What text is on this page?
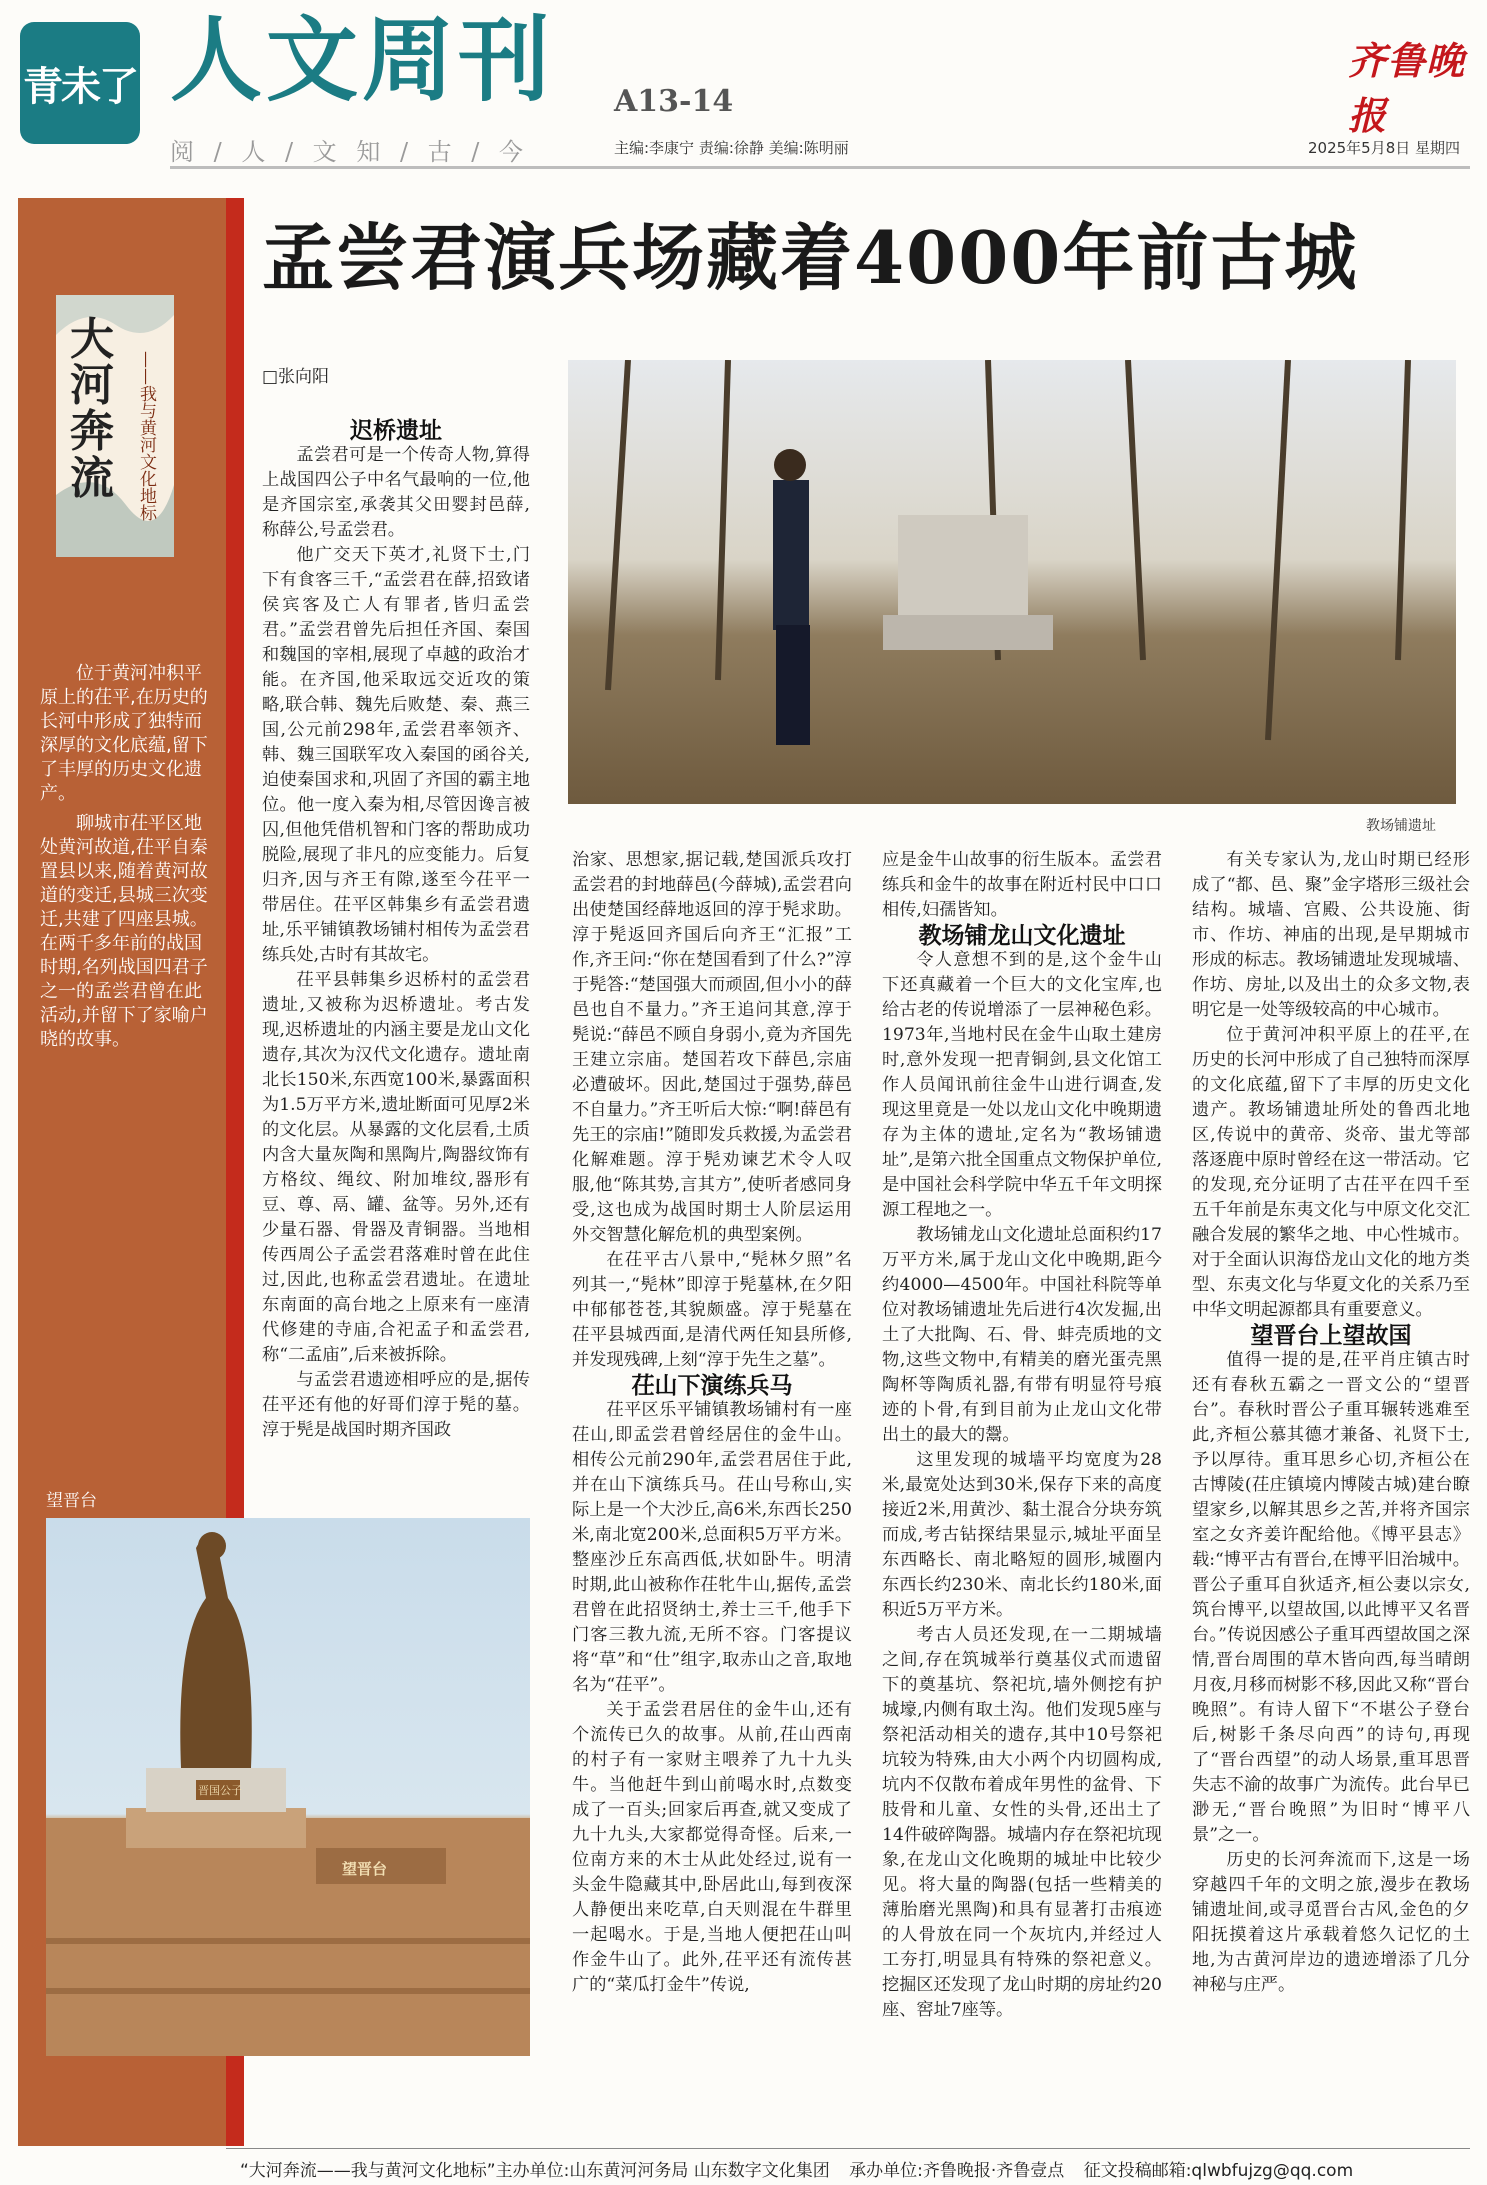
青未了 人文周刊 A13-14
齐鲁晚报
阅 / 人 / 文 知 / 古 / 今	主编:李康宁 责编:徐静 美编:陈明丽	2025年5月8日 星期四
大河奔流 ——我与黄河文化地标

位于黄河冲积平原上的茌平,在历史的长河中形成了独特而深厚的文化底蕴,留下了丰厚的历史文化遗产。

聊城市茌平区地处黄河故道,茌平自秦置县以来,随着黄河故道的变迁,县城三次变迁,共建了四座县城。在两千多年前的战国时期,名列战国四君子之一的孟尝君曾在此活动,并留下了家喻户晓的故事。

望晋台
晋国公子
望晋台
孟尝君演兵场藏着4000年前古城
□张向阳
教场铺遗址

迟桥遗址

孟尝君可是一个传奇人物,算得上战国四公子中名气最响的一位,他是齐国宗室,承袭其父田婴封邑薛,称薛公,号孟尝君。

他广交天下英才,礼贤下士,门下有食客三千,“孟尝君在薛,招致诸侯宾客及亡人有罪者,皆归孟尝君。”孟尝君曾先后担任齐国、秦国和魏国的宰相,展现了卓越的政治才能。在齐国,他采取远交近攻的策略,联合韩、魏先后败楚、秦、燕三国,公元前298年,孟尝君率领齐、韩、魏三国联军攻入秦国的函谷关,迫使秦国求和,巩固了齐国的霸主地位。他一度入秦为相,尽管因谗言被囚,但他凭借机智和门客的帮助成功脱险,展现了非凡的应变能力。后复归齐,因与齐王有隙,遂至今茌平一带居住。茌平区韩集乡有孟尝君遗址,乐平铺镇教场铺村相传为孟尝君练兵处,古时有其故宅。

茌平县韩集乡迟桥村的孟尝君遗址,又被称为迟桥遗址。考古发现,迟桥遗址的内涵主要是龙山文化遗存,其次为汉代文化遗存。遗址南北长150米,东西宽100米,暴露面积为1.5万平方米,遗址断面可见厚2米的文化层。从暴露的文化层看,土质内含大量灰陶和黑陶片,陶器纹饰有方格纹、绳纹、附加堆纹,器形有豆、尊、鬲、罐、盆等。另外,还有少量石器、骨器及青铜器。当地相传西周公子孟尝君落难时曾在此住过,因此,也称孟尝君遗址。在遗址东南面的高台地之上原来有一座清代修建的寺庙,合祀孟子和孟尝君,称“二孟庙”,后来被拆除。

与孟尝君遗迹相呼应的是,据传茌平还有他的好哥们淳于髡的墓。淳于髡是战国时期齐国政

治家、思想家,据记载,楚国派兵攻打孟尝君的封地薛邑(今薛城),孟尝君向出使楚国经薛地返回的淳于髡求助。淳于髡返回齐国后向齐王“汇报”工作,齐王问:“你在楚国看到了什么?”淳于髡答:“楚国强大而顽固,但小小的薛邑也自不量力。”齐王追问其意,淳于髡说:“薛邑不顾自身弱小,竟为齐国先王建立宗庙。楚国若攻下薛邑,宗庙必遭破坏。因此,楚国过于强势,薛邑不自量力。”齐王听后大惊:“啊!薛邑有先王的宗庙!”随即发兵救援,为孟尝君化解难题。淳于髡劝谏艺术令人叹服,他“陈其势,言其方”,使听者感同身受,这也成为战国时期士人阶层运用外交智慧化解危机的典型案例。

在茌平古八景中,“髡林夕照”名列其一,“髡林”即淳于髡墓林,在夕阳中郁郁苍苍,其貌颇盛。淳于髡墓在茌平县城西面,是清代两任知县所修,并发现残碑,上刻“淳于先生之墓”。

茌山下演练兵马

茌平区乐平铺镇教场铺村有一座茌山,即孟尝君曾经居住的金牛山。相传公元前290年,孟尝君居住于此,并在山下演练兵马。茌山号称山,实际上是一个大沙丘,高6米,东西长250米,南北宽200米,总面积5万平方米。整座沙丘东高西低,状如卧牛。明清时期,此山被称作茌牝牛山,据传,孟尝君曾在此招贤纳士,养士三千,他手下门客三教九流,无所不容。门客提议将“草”和“仕”组字,取赤山之音,取地名为“茌平”。

关于孟尝君居住的金牛山,还有个流传已久的故事。从前,茌山西南的村子有一家财主喂养了九十九头牛。当他赶牛到山前喝水时,点数变成了一百头;回家后再查,就又变成了九十九头,大家都觉得奇怪。后来,一位南方来的木士从此处经过,说有一头金牛隐藏其中,卧居此山,每到夜深人静便出来吃草,白天则混在牛群里一起喝水。于是,当地人便把茌山叫作金牛山了。此外,茌平还有流传甚广的“菜瓜打金牛”传说,

应是金牛山故事的衍生版本。孟尝君练兵和金牛的故事在附近村民中口口相传,妇孺皆知。

教场铺龙山文化遗址

令人意想不到的是,这个金牛山下还真藏着一个巨大的文化宝库,也给古老的传说增添了一层神秘色彩。1973年,当地村民在金牛山取土建房时,意外发现一把青铜剑,县文化馆工作人员闻讯前往金牛山进行调查,发现这里竟是一处以龙山文化中晚期遗存为主体的遗址,定名为“教场铺遗址”,是第六批全国重点文物保护单位,是中国社会科学院中华五千年文明探源工程地之一。

教场铺龙山文化遗址总面积约17万平方米,属于龙山文化中晚期,距今约4000—4500年。中国社科院等单位对教场铺遗址先后进行4次发掘,出土了大批陶、石、骨、蚌壳质地的文物,这些文物中,有精美的磨光蛋壳黑陶杯等陶质礼器,有带有明显符号痕迹的卜骨,有到目前为止龙山文化带出土的最大的鬶。

这里发现的城墙平均宽度为28米,最宽处达到30米,保存下来的高度接近2米,用黄沙、黏土混合分块夯筑而成,考古钻探结果显示,城址平面呈东西略长、南北略短的圆形,城圈内东西长约230米、南北长约180米,面积近5万平方米。

考古人员还发现,在一二期城墙之间,存在筑城举行奠基仪式而遗留下的奠基坑、祭祀坑,墙外侧挖有护城壕,内侧有取土沟。他们发现5座与祭祀活动相关的遗存,其中10号祭祀坑较为特殊,由大小两个内切圆构成,坑内不仅散布着成年男性的盆骨、下肢骨和儿童、女性的头骨,还出土了14件破碎陶器。城墙内存在祭祀坑现象,在龙山文化晚期的城址中比较少见。将大量的陶器(包括一些精美的薄胎磨光黑陶)和具有显著打击痕迹的人骨放在同一个灰坑内,并经过人工夯打,明显具有特殊的祭祀意义。挖掘区还发现了龙山时期的房址约20座、窖址7座等。

有关专家认为,龙山时期已经形成了“都、邑、聚”金字塔形三级社会结构。城墙、宫殿、公共设施、街市、作坊、神庙的出现,是早期城市形成的标志。教场铺遗址发现城墙、作坊、房址,以及出土的众多文物,表明它是一处等级较高的中心城市。

位于黄河冲积平原上的茌平,在历史的长河中形成了自己独特而深厚的文化底蕴,留下了丰厚的历史文化遗产。教场铺遗址所处的鲁西北地区,传说中的黄帝、炎帝、蚩尤等部落逐鹿中原时曾经在这一带活动。它的发现,充分证明了古茌平在四千至五千年前是东夷文化与中原文化交汇融合发展的繁华之地、中心性城市。对于全面认识海岱龙山文化的地方类型、东夷文化与华夏文化的关系乃至中华文明起源都具有重要意义。

望晋台上望故国

值得一提的是,茌平肖庄镇古时还有春秋五霸之一晋文公的“望晋台”。春秋时晋公子重耳辗转逃难至此,齐桓公慕其德才兼备、礼贤下士,予以厚待。重耳思乡心切,齐桓公在古博陵(茌庄镇境内博陵古城)建台瞭望家乡,以解其思乡之苦,并将齐国宗室之女齐姜许配给他。《博平县志》载:“博平古有晋台,在博平旧治城中。晋公子重耳自狄适齐,桓公妻以宗女,筑台博平,以望故国,以此博平又名晋台。”传说因感公子重耳西望故国之深情,晋台周围的草木皆向西,每当晴朗月夜,月移而树影不移,因此又称“晋台晚照”。有诗人留下“不堪公子登台后,树影千条尽向西”的诗句,再现了“晋台西望”的动人场景,重耳思晋失志不渝的故事广为流传。此台早已渺无,“晋台晚照”为旧时“博平八景”之一。

历史的长河奔流而下,这是一场穿越四千年的文明之旅,漫步在教场铺遗址间,或寻觅晋台古风,金色的夕阳抚摸着这片承载着悠久记忆的土地,为古黄河岸边的遗迹增添了几分神秘与庄严。

“大河奔流——我与黄河文化地标”主办单位:山东黄河河务局 山东数字文化集团 承办单位:齐鲁晚报·齐鲁壹点 征文投稿邮箱:qlwbfujzg@qq.com
